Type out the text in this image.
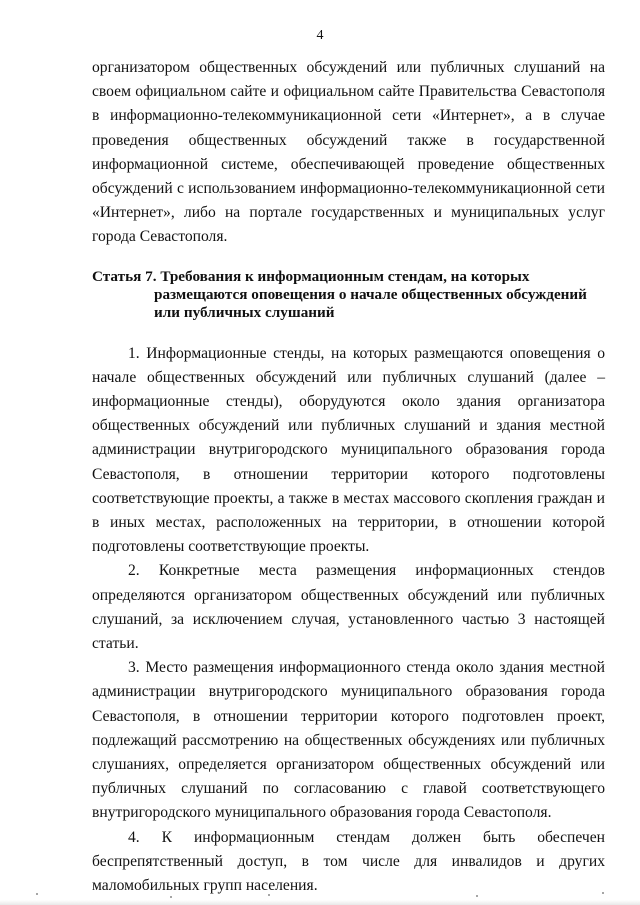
4

организатором общественных обсуждений или публичных слушаний на своем официальном сайте и официальном сайте Правительства Севастополя в информационно-телекоммуникационной сети «Интернет», а в случае проведения общественных обсуждений также в государственной информационной системе, обеспечивающей проведение общественных обсуждений с использованием информационно-телекоммуникационной сети «Интернет», либо на портале государственных и муниципальных услуг города Севастополя.

Статья 7. Требования к информационным стендам, на которых размещаются оповещения о начале общественных обсуждений или публичных слушаний

1. Информационные стенды, на которых размещаются оповещения о начале общественных обсуждений или публичных слушаний (далее – информационные стенды), оборудуются около здания организатора общественных обсуждений или публичных слушаний и здания местной администрации внутригородского муниципального образования города Севастополя, в отношении территории которого подготовлены соответствующие проекты, а также в местах массового скопления граждан и в иных местах, расположенных на территории, в отношении которой подготовлены соответствующие проекты.

2. Конкретные места размещения информационных стендов определяются организатором общественных обсуждений или публичных слушаний, за исключением случая, установленного частью 3 настоящей статьи.

3. Место размещения информационного стенда около здания местной администрации внутригородского муниципального образования города Севастополя, в отношении территории которого подготовлен проект, подлежащий рассмотрению на общественных обсуждениях или публичных слушаниях, определяется организатором общественных обсуждений или публичных слушаний по согласованию с главой соответствующего внутригородского муниципального образования города Севастополя.

4. К информационным стендам должен быть обеспечен беспрепятственный доступ, в том числе для инвалидов и других маломобильных групп населения.
